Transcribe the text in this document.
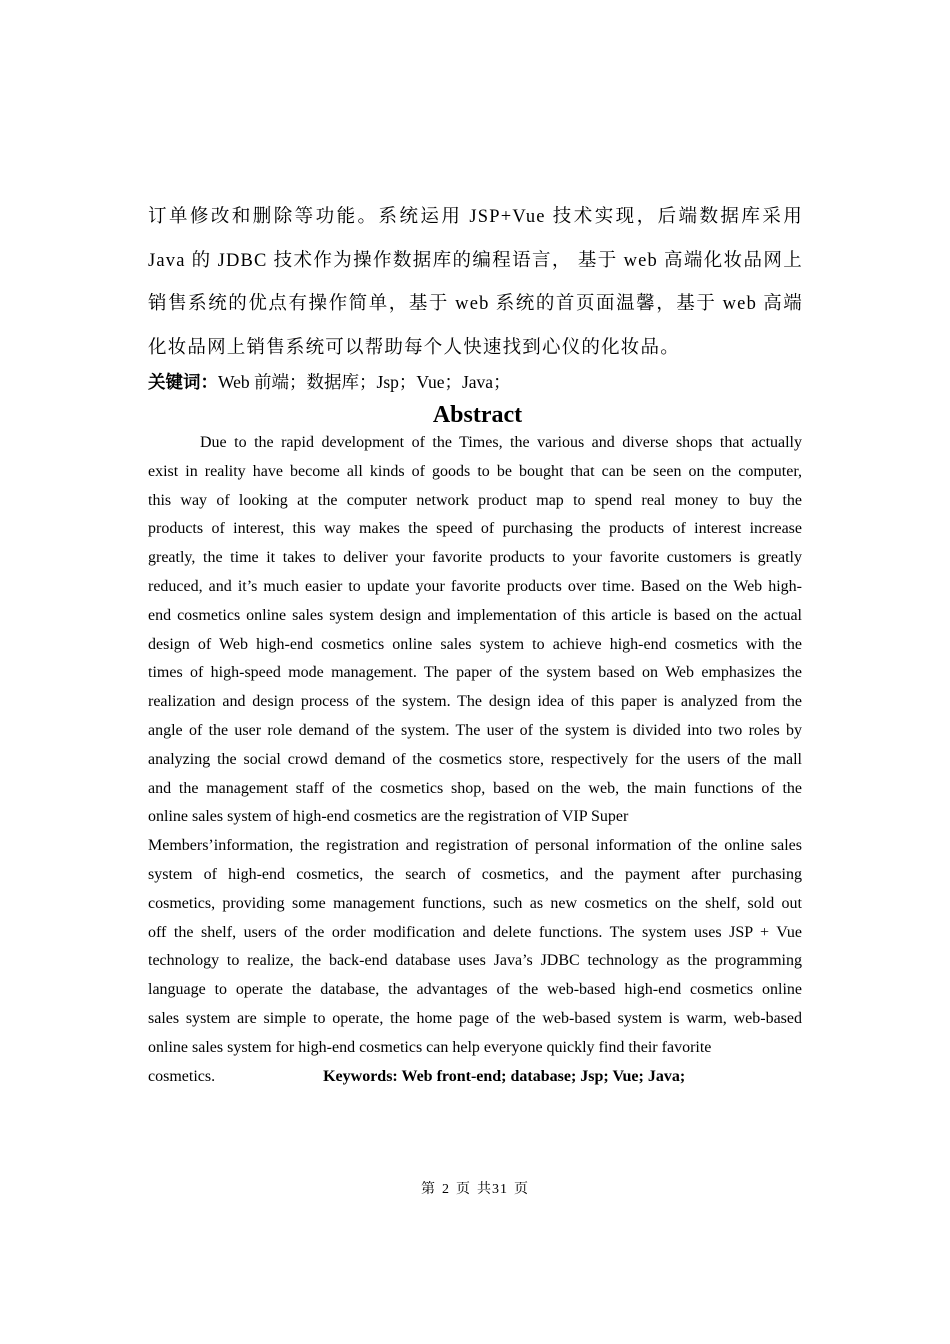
订单修改和删除等功能。系统运用 JSP+Vue 技术实现，后端数据库采用
Java 的 JDBC 技术作为操作数据库的编程语言， 基于 web 高端化妆品网上
销售系统的优点有操作简单，基于 web 系统的首页面温馨，基于 web 高端
化妆品网上销售系统可以帮助每个人快速找到心仪的化妆品。

关键词：Web 前端；数据库；Jsp；Vue；Java；

Abstract
Due to the rapid development of the Times, the various and diverse shops that actually
exist in reality have become all kinds of goods to be bought that can be seen on the computer,
this way of looking at the computer network product map to spend real money to buy the
products of interest, this way makes the speed of purchasing the products of interest increase
greatly, the time it takes to deliver your favorite products to your favorite customers is greatly
reduced, and it’s much easier to update your favorite products over time. Based on the Web high-
end cosmetics online sales system design and implementation of this article is based on the actual
design of Web high-end cosmetics online sales system to achieve high-end cosmetics with the
times of high-speed mode management. The paper of the system based on Web emphasizes the
realization and design process of the system. The design idea of this paper is analyzed from the
angle of the user role demand of the system. The user of the system is divided into two roles by
analyzing the social crowd demand of the cosmetics store, respectively for the users of the mall
and the management staff of the cosmetics shop, based on the web, the main functions of the
online sales system of high-end cosmetics are the registration of VIP Super
Members’information, the registration and registration of personal information of the online sales
system of high-end cosmetics, the search of cosmetics, and the payment after purchasing
cosmetics, providing some management functions, such as new cosmetics on the shelf, sold out
off the shelf, users of the order modification and delete functions. The system uses JSP + Vue
technology to realize, the back-end database uses Java’s JDBC technology as the programming
language to operate the database, the advantages of the web-based high-end cosmetics online
sales system are simple to operate, the home page of the web-based system is warm, web-based
online sales system for high-end cosmetics can help everyone quickly find their favorite
cosmetics.	Keywords: Web front-end; database; Jsp; Vue; Java;
第 2 页 共31 页
